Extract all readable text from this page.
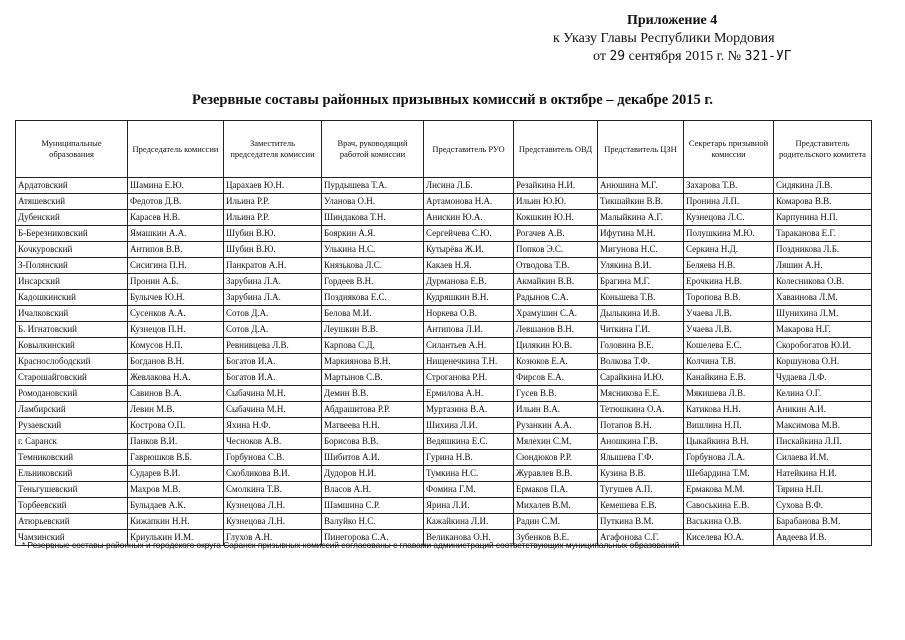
Приложение 4
к Указу Главы Республики Мордовия
от 29 сентября 2015 г. № 321-УГ
Резервные составы районных призывных комиссий в октябре – декабре 2015 г.
Муниципальные образования	Председатель комиссии	Заместитель председателя комиссии	Врач, руководящий работой комиссии	Представитель РУО	Представитель ОВД	Представитель ЦЗН	Секретарь призывной комиссии	Представитель родительского комитета
Ардатовский	Шамина Е.Ю.	Царахаев Ю.Н.	Пурдышева Т.А.	Лисина Л.Б.	Резайкина Н.И.	Анюшина М.Г.	Захарова Т.В.	Сидякина Л.В.
Атяшевский	Федотов Д.В.	Ильина Р.Р.	Уланова О.Н.	Артамонова Н.А.	Ильин Ю.Ю.	Тикшайкин В.В.	Пронина Л.П.	Комарова В.В.
Дубенский	Карасев Н.В.	Ильина Р.Р.	Шиндакова Т.Н.	Анискин Ю.А.	Кокшкин Ю.Н.	Малыйкина А.Г.	Кузнецова Л.С.	Карпунина Н.П.
Б-Березниковский	Ямашкин А.А.	Шубин В.Ю.	Бояркин А.Я.	Сергейчева С.Ю.	Рогачев А.В.	Ифутина М.Н.	Полушкина М.Ю.	Тараканова Е.Г.
Кочкуровский	Антипов В.В.	Шубин В.Ю.	Улькина Н.С.	Кутырёва Ж.И.	Попков Э.С.	Мигунова Н.С.	Серкина Н.Д.	Поздникова Л.Б.
З-Полянский	Сисигина П.Н.	Панкратов А.Н.	Князькова Л.С.	Какаев Н.Я.	Отводова Т.В.	Улякина В.И.	Беляева Н.В.	Ляшин А.Н.
Инсарский	Пронин А.Б.	Зарубина Л.А.	Гордеев В.Н.	Дурманова Е.В.	Акмайкин В.В.	Брагина М.Г.	Ерочкина Н.В.	Колесникова О.В.
Кадошкинский	Булычев Ю.Н.	Зарубина Л.А.	Позднякова Е.С.	Кудряшкин В.Н.	Радынов С.А.	Коньшева Т.В.	Торопова В.В.	Хаваинова Л.М.
Ичалковский	Сусенков А.А.	Сотов Д.А.	Белова М.И.	Норкева О.В.	Храмушин С.А.	Дылыкина И.В.	Учаева Л.В.	Шунихина Л.М.
Б. Игнатовский	Кузнецов П.Н.	Сотов Д.А.	Леушкин В.В.	Антипова Л.И.	Левшанов В.Н.	Читкина Г.И.	Учаева Л.В.	Макарова Н.Г.
Ковылкинский	Комусов Н.П.	Ревнивцева Л.В.	Карпова С.Д.	Силантьев А.Н.	Цилякин Ю.В.	Головина В.Е.	Кошелева Е.С.	Скоробогатов Ю.И.
Краснослободский	Богданов В.Н.	Богатов И.А.	Маркиянова В.Н.	Нищенечкина Т.Н.	Козюков Е.А.	Волкова Т.Ф.	Колчина Т.В.	Коршунова О.Н.
Старошайговский	Жевлакова Н.А.	Богатов И.А.	Мартынов С.В.	Строганова Р.Н.	Фирсов Е.А.	Сарайкина И.Ю.	Канайкина Е.В.	Чудаева Л.Ф.
Ромодановский	Савинов В.А.	Сыбачина М.Н.	Демин В.В.	Ермилова А.Н.	Гусев В.В.	Мясникова Е.Е.	Мякишева Л.В.	Келина О.Г.
Ламбирский	Левин М.В.	Сыбачина М.Н.	Абдрашитова Р.Р.	Муртазина В.А.	Ильин В.А.	Тетюшкина О.А.	Катикова Н.Н.	Аникин А.И.
Рузаевский	Кострова О.П.	Яхина Н.Ф.	Матвеева Н.Н.	Шихина Л.И.	Рузанкин А.А.	Потапов В.Н.	Вишлина Н.П.	Максимова М.В.
г. Саранск	Панков В.И.	Чесноков А.В.	Борисова В.В.	Ведяшкина Е.С.	Мялехин С.М.	Аношкина Г.В.	Цыкайкина В.Н.	Пискайкина Л.П.
Темниковский	Гаврюшков В.Б.	Горбунова С.В.	Шибитов А.И.	Гурина Н.В.	Сюндюков Р.Р.	Ялышева Г.Ф.	Горбунова Л.А.	Силаева И.М.
Ельниковский	Сударев В.И.	Скобликова В.И.	Дудоров Н.И.	Тумкина Н.С.	Журавлев В.В.	Кузина В.В.	Шебардина Т.М.	Натейкина Н.И.
Теньгушевский	Махров М.В.	Смолкина Т.В.	Власов А.Н.	Фомина Г.М.	Ермаков П.А.	Тугушев А.П.	Ермакова М.М.	Тярина Н.П.
Торбеевский	Булыдаев А.К.	Кузнецова Л.Н.	Шамшина С.Р.	Ярина Л.И.	Михалев В.М.	Кемешева Е.В.	Савоськина Е.В.	Сухова В.Ф.
Атюрьевский	Кижапкин Н.Н.	Кузнецова Л.Н.	Валуйко Н.С.	Кажайкина Л.И.	Радин С.М.	Путкина В.М.	Васькина О.В.	Барабанова В.М.
Чамзинский	Криулькин И.М.	Глухов А.Н.	Пинегорова С.А.	Великанова О.Н.	Зубенков В.Е.	Агафонова С.Г.	Киселева Ю.А.	Авдеева И.В.
* Резервные составы районных и городского округа Саранск призывных комиссий согласованы с главами администраций соответствующих муниципальных образований
